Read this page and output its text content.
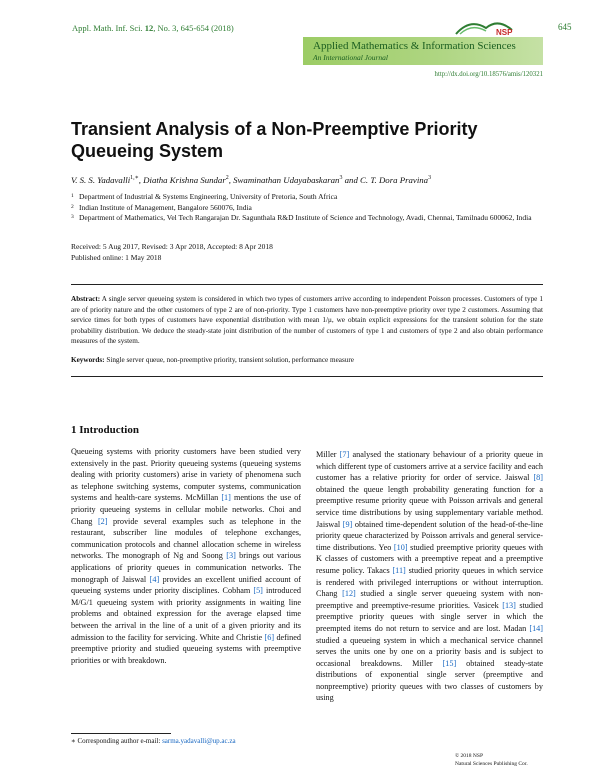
Appl. Math. Inf. Sci. 12, No. 3, 645-654 (2018)	NSP
645
Applied Mathematics & Information Sciences
An International Journal
http://dx.doi.org/10.18576/amis/120321
Transient Analysis of a Non-Preemptive Priority Queueing System
V. S. S. Yadavalli$^{1,∗}$, Diatha Krishna Sundar$^2$, Swaminathan Udayabaskaran$^3$ and C. T. Dora Pravina$^3$
1 Department of Industrial & Systems Engineering, University of Pretoria, South Africa
2 Indian Institute of Management, Bangalore 560076, India
3 Department of Mathematics, Vel Tech Rangarajan Dr. Sagunthala R&D Institute of Science and Technology, Avadi, Chennai, Tamilnadu 600062, India
Received: 5 Aug 2017, Revised: 3 Apr 2018, Accepted: 8 Apr 2018
Published online: 1 May 2018
Abstract: A single server queueing system is considered in which two types of customers arrive according to independent Poisson processes. Customers of type 1 are of priority nature and the other customers of type 2 are of non-priority. Type 1 customers have non-preemptive priority over type 2 customers. Assuming that service times for both types of customers have exponential distribution with mean 1/μ, we obtain explicit expressions for the transient solution for the state probability distribution. We deduce the steady-state joint distribution of the number of customers of type 1 and customers of type 2 and also obtain performance measures of the system.
Keywords: Single server queue, non-preemptive priority, transient solution, performance measure
1 Introduction
Queueing systems with priority customers have been studied very extensively in the past. Priority queueing systems (queueing systems dealing with priority customers) arise in variety of phenomena such as telephone switching systems, computer systems, communication systems and health-care systems. McMillan [1] mentions the use of priority queueing systems in cellular mobile networks. Choi and Chang [2] provide several examples such as telephone in the restaurant, subscriber line modules of telephone exchanges, communication protocols and channel allocation scheme in wireless networks. The monograph of Ng and Soong [3] brings out various applications of priority queues in communication networks. The monograph of Jaiswal [4] provides an excellent unified account of queueing systems under priority disciplines. Cobham [5] introduced M/G/1 queueing system with priority assignments in waiting line problems and obtained expression for the average elapsed time between the arrival in the line of a unit of a given priority and its admission to the facility for servicing. White and Christie [6] defined preemptive priority and studied queueing systems with preemptive priorities or with breakdown.
Miller [7] analysed the stationary behaviour of a priority queue in which different type of customers arrive at a service facility and each customer has a relative priority for order of service. Jaiswal [8] obtained the queue length probability generating function for a preemptive resume priority queue with Poisson arrivals and general service time distributions by using supplementary variable method. Jaiswal [9] obtained time-dependent solution of the head-of-the-line priority queue characterized by Poisson arrivals and general service-time distributions. Yeo [10] studied preemptive priority queues with K classes of customers with a preemptive repeat and a preemptive resume policy. Takacs [11] studied priority queues in which service is rendered with privileged interruptions or without interruption. Chang [12] studied a single server queueing system with non-preemptive and preemptive-resume priorities. Vasicek [13] studied preemptive priority queues with single server in which the preempted items do not return to service and are lost. Madan [14] studied a queueing system in which a mechanical service channel serves the units one by one on a priority basis and is subject to occasional breakdowns. Miller [15] obtained steady-state distributions of exponential single server (preemptive and nonpreemptive) priority queues with two classes of customers by using
∗ Corresponding author e-mail: sarma.yadavalli@up.ac.za
© 2018 NSP
Natural Sciences Publishing Cor.
